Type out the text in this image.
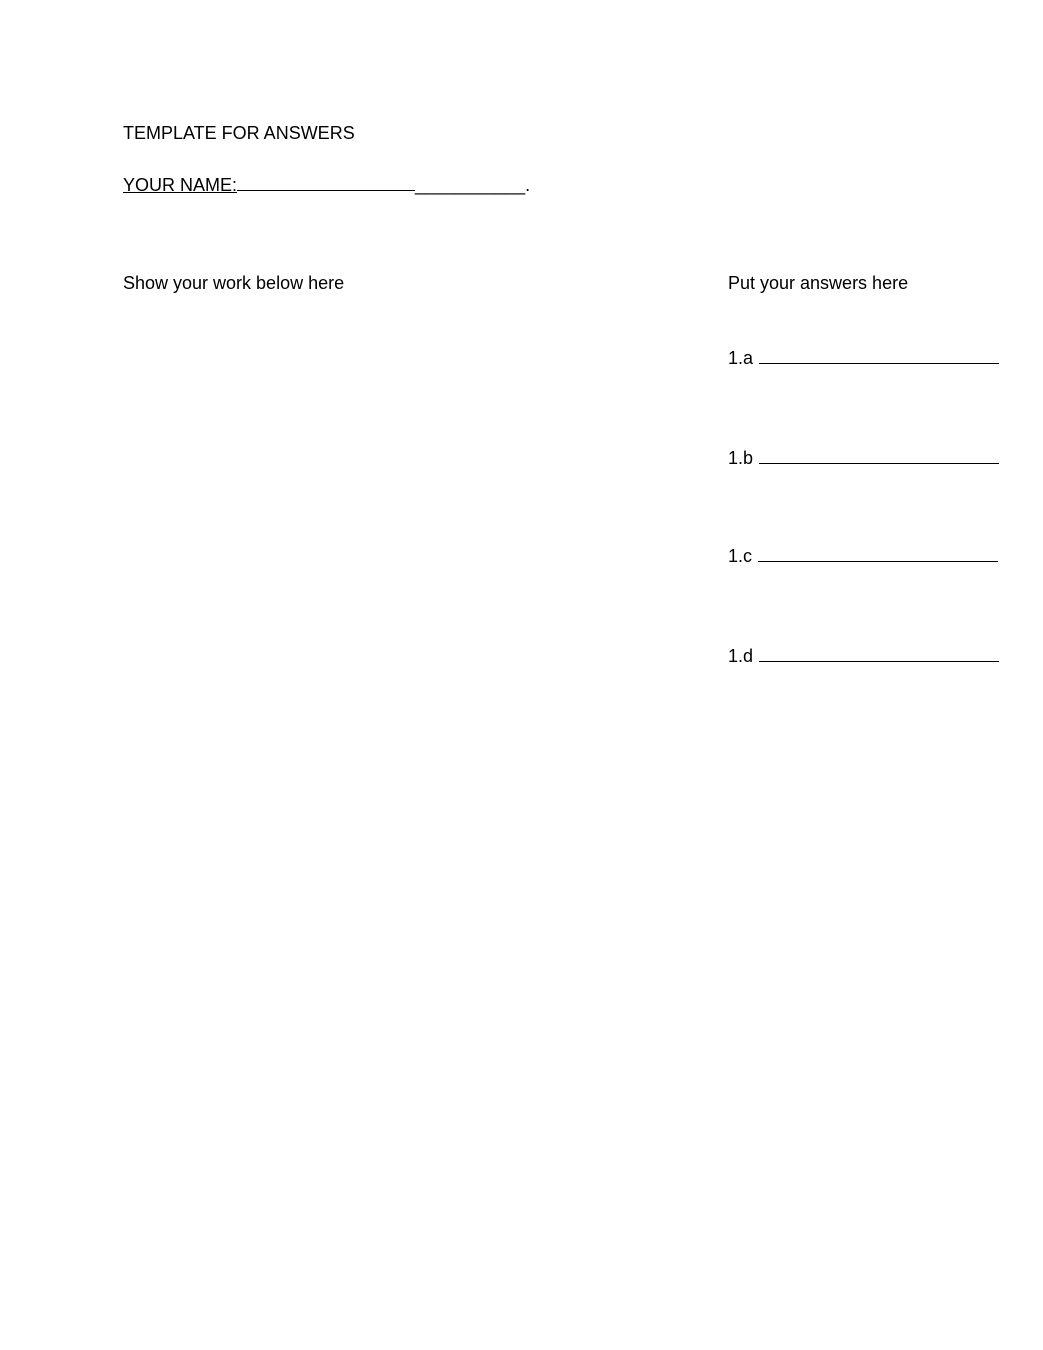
TEMPLATE FOR ANSWERS
YOUR NAME:	___________.
Show your work below here	Put your answers here
1.a
1.b
1.c
1.d
